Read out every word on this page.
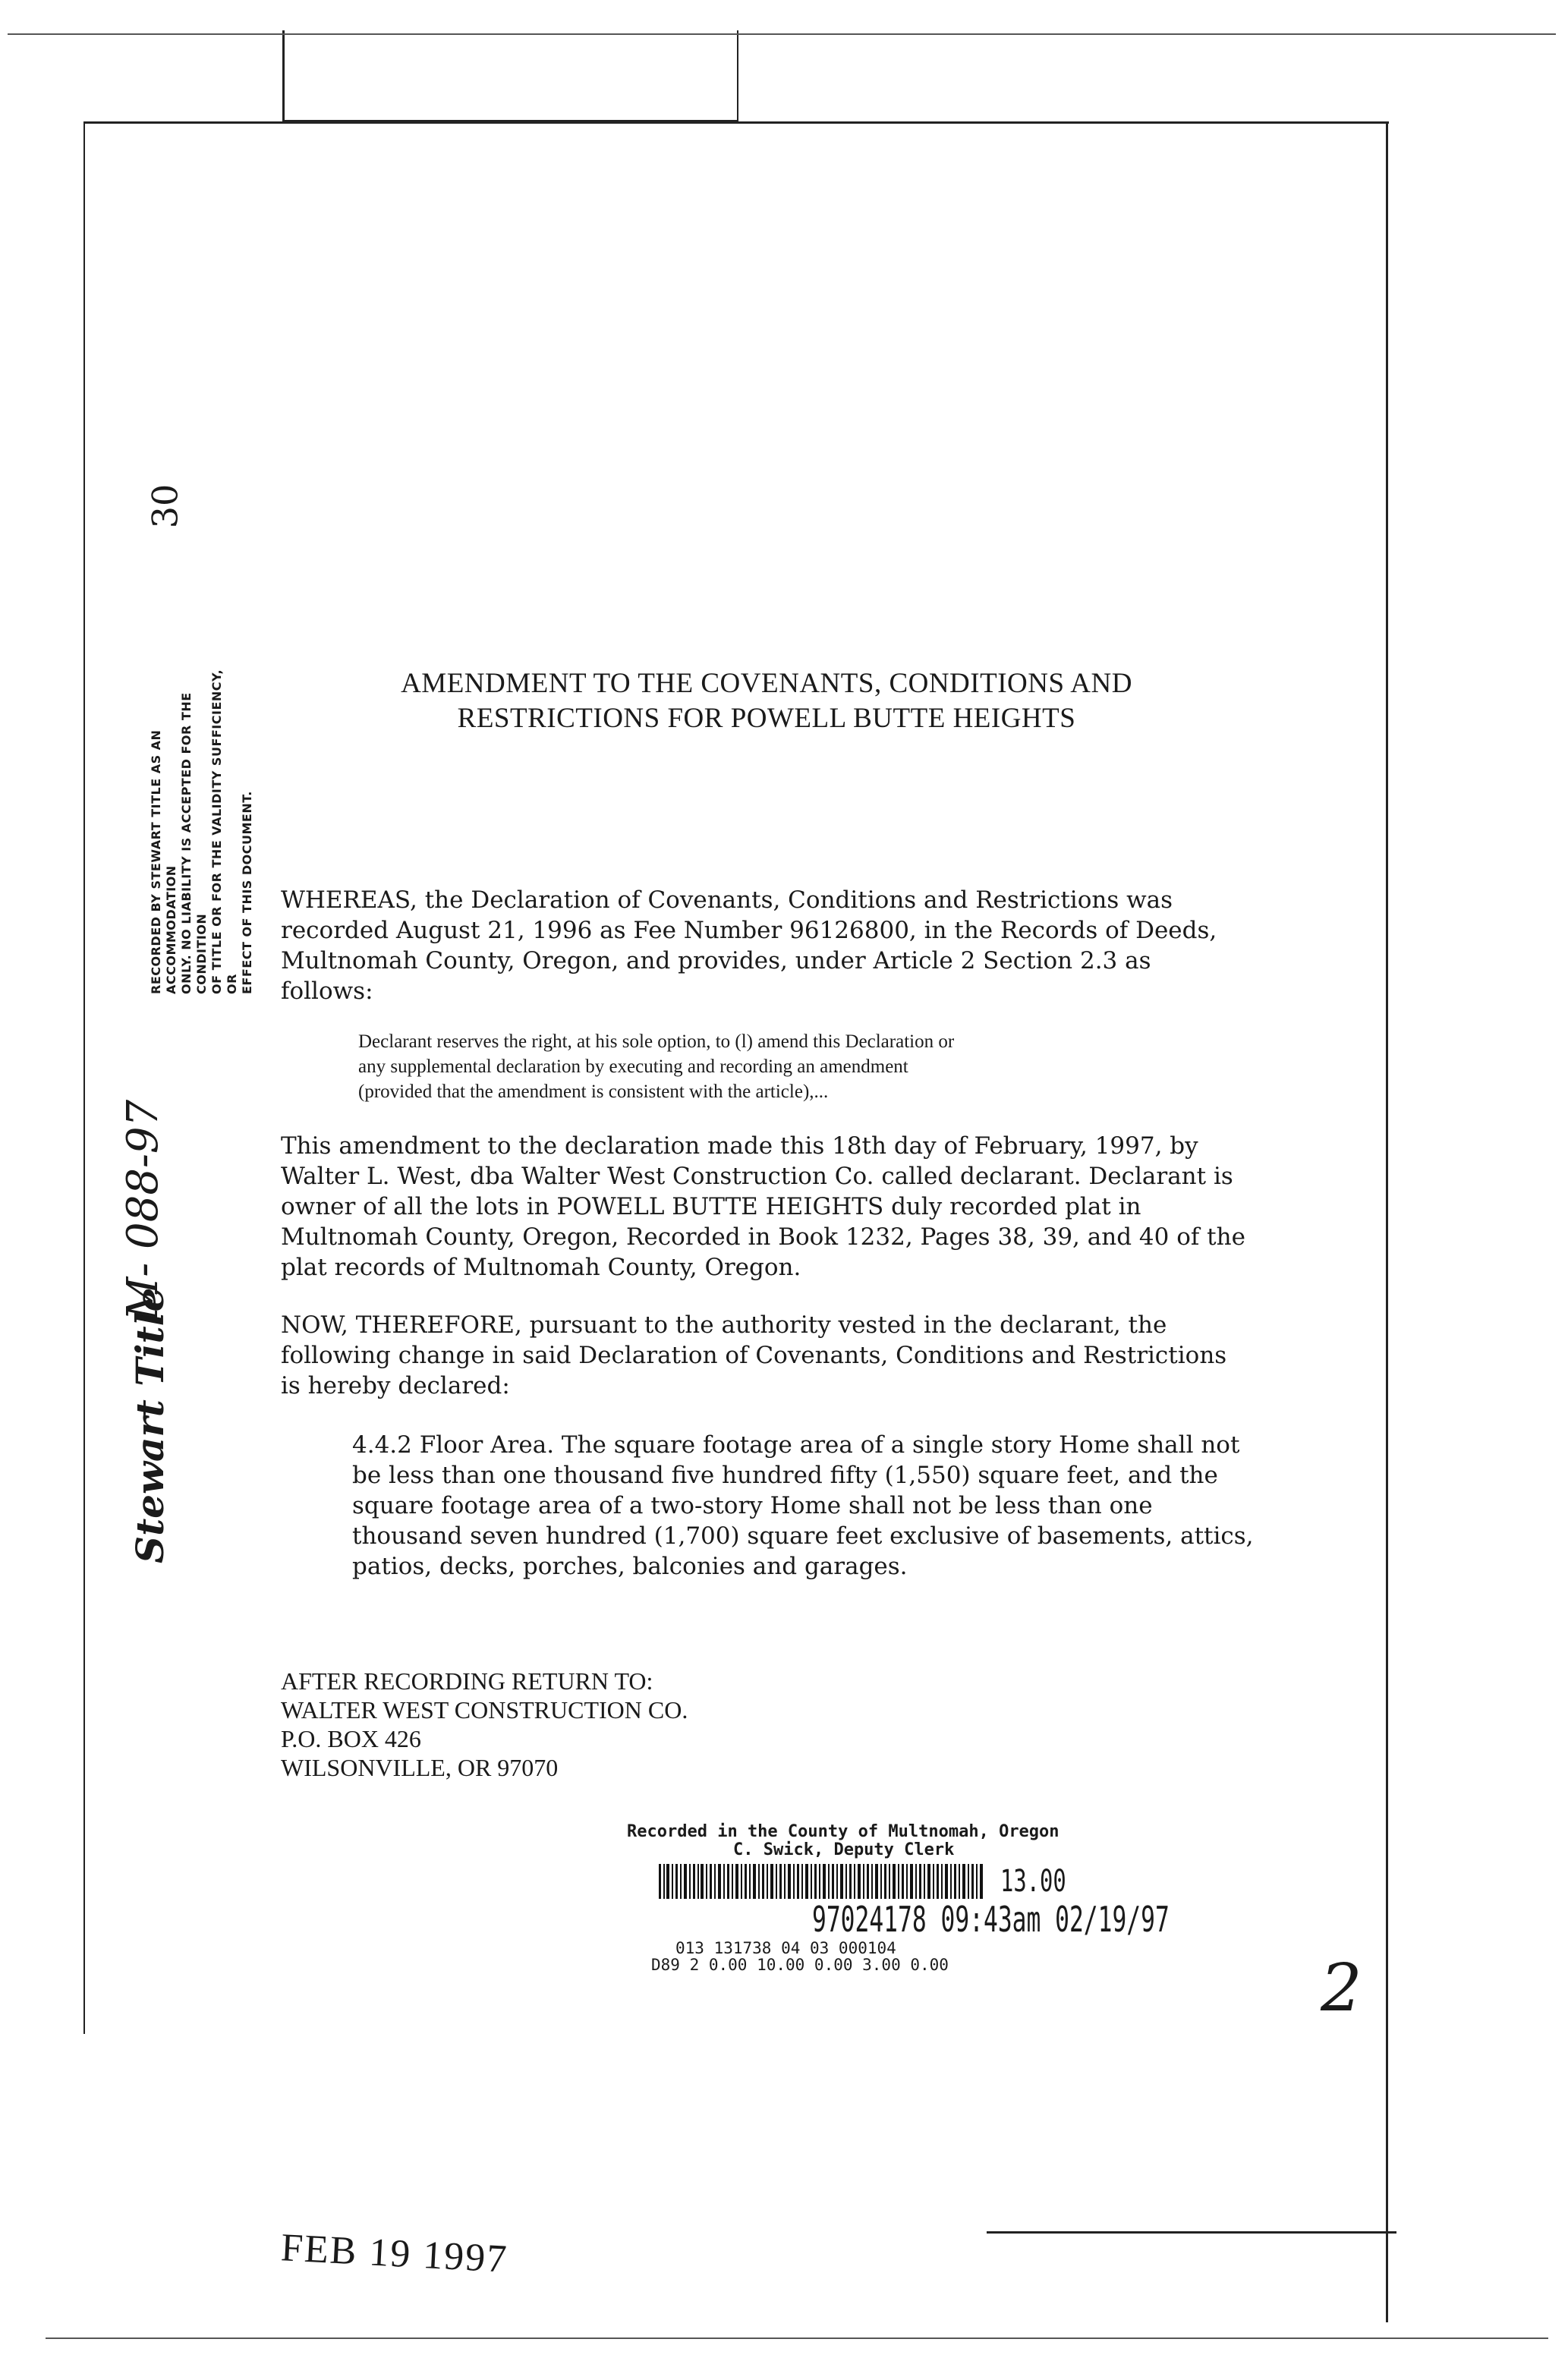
30
RECORDED BY STEWART TITLE AS AN ACCOMMODATION ONLY. NO LIABILITY IS ACCEPTED FOR THE CONDITION OF TITLE OR FOR THE VALIDITY SUFFICIENCY, OR EFFECT OF THIS DOCUMENT.
M- 088-97
Stewart Title
AMENDMENT TO THE COVENANTS, CONDITIONS AND
RESTRICTIONS FOR POWELL BUTTE HEIGHTS
WHEREAS, the Declaration of Covenants, Conditions and Restrictions was
recorded August 21, 1996 as Fee Number 96126800, in the Records of Deeds,
Multnomah County, Oregon, and provides, under Article 2 Section 2.3 as
follows:
Declarant reserves the right, at his sole option, to (l) amend this Declaration or
any supplemental declaration by executing and recording an amendment
(provided that the amendment is consistent with the article),...
This amendment to the declaration made this 18th day of February, 1997, by
Walter L. West, dba Walter West Construction Co. called declarant. Declarant is
owner of all the lots in POWELL BUTTE HEIGHTS duly recorded plat in
Multnomah County, Oregon, Recorded in Book 1232, Pages 38, 39, and 40 of the
plat records of Multnomah County, Oregon.
NOW, THEREFORE, pursuant to the authority vested in the declarant, the
following change in said Declaration of Covenants, Conditions and Restrictions
is hereby declared:
4.4.2 Floor Area. The square footage area of a single story Home shall not
be less than one thousand five hundred fifty (1,550) square feet, and the
square footage area of a two-story Home shall not be less than one
thousand seven hundred (1,700) square feet exclusive of basements, attics,
patios, decks, porches, balconies and garages.
AFTER RECORDING RETURN TO:
WALTER WEST CONSTRUCTION CO.
P.O. BOX 426
WILSONVILLE, OR 97070
Recorded in the County of Multnomah, Oregon
C. Swick, Deputy Clerk
13.00
97024178 09:43am 02/19/97
013 131738 04 03 000104
D89 2 0.00 10.00 0.00 3.00 0.00	2
FEB 19 1997
